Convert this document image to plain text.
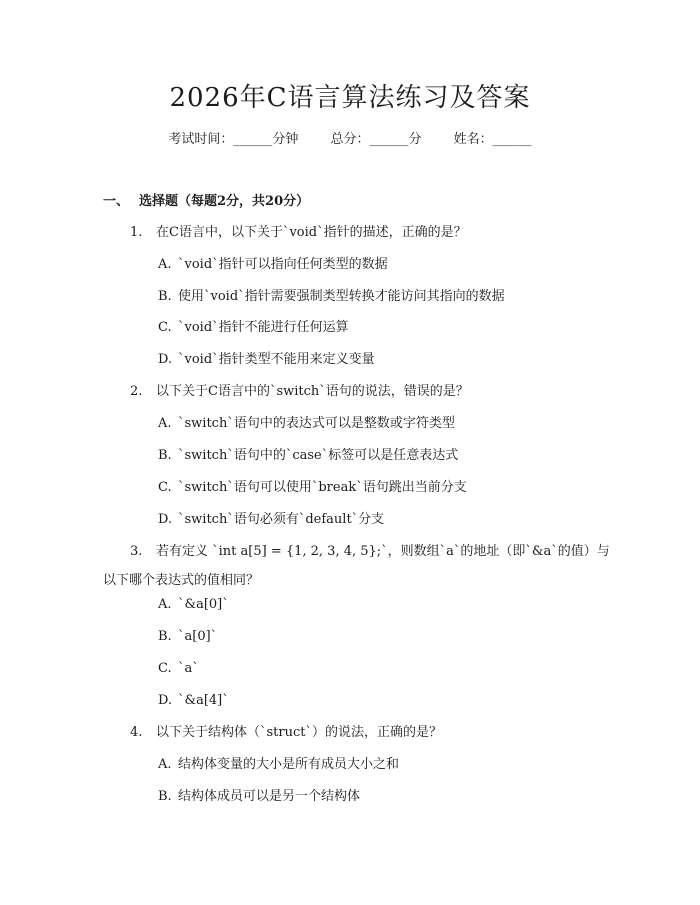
2026年C语言算法练习及答案
考试时间：______分钟 总分：______分 姓名：______
一、 选择题（每题2分，共20分）
1. 在C语言中，以下关于`void`指针的描述，正确的是？
A. `void`指针可以指向任何类型的数据
B. 使用`void`指针需要强制类型转换才能访问其指向的数据
C. `void`指针不能进行任何运算
D. `void`指针类型不能用来定义变量
2. 以下关于C语言中的`switch`语句的说法，错误的是？
A. `switch`语句中的表达式可以是整数或字符类型
B. `switch`语句中的`case`标签可以是任意表达式
C. `switch`语句可以使用`break`语句跳出当前分支
D. `switch`语句必须有`default`分支
3. 若有定义 `int a[5] = {1, 2, 3, 4, 5};`，则数组`a`的地址（即`&a`的值）与以下哪个表达式的值相同？
A. `&a[0]`
B. `a[0]`
C. `a`
D. `&a[4]`
4. 以下关于结构体（`struct`）的说法，正确的是？
A. 结构体变量的大小是所有成员大小之和
B. 结构体成员可以是另一个结构体
